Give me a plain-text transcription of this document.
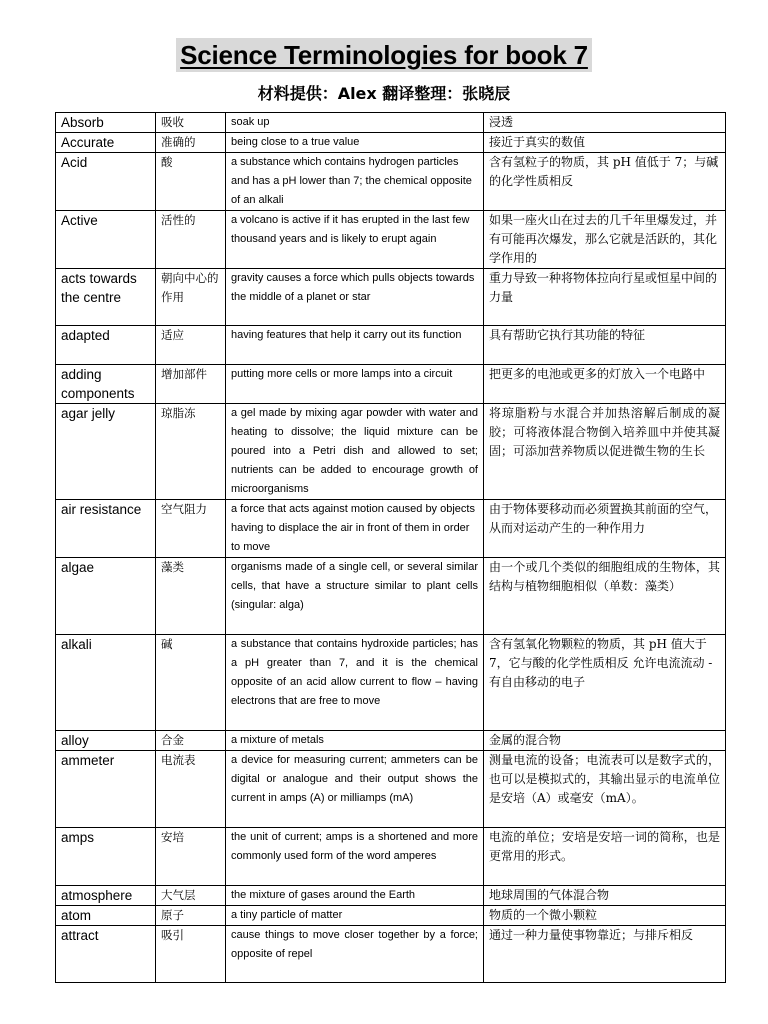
Science Terminologies for book 7
材料提供：Alex 翻译整理：张晓辰
Absorb	吸收	soak up	浸透
Accurate	准确的	being close to a true value	接近于真实的数值
Acid	酸	a substance which contains hydrogen particles and has a pH lower than 7; the chemical opposite of an alkali	含有氢粒子的物质，其 pH 值低于 7；与碱的化学性质相反
Active	活性的	a volcano is active if it has erupted in the last few thousand years and is likely to erupt again	如果一座火山在过去的几千年里爆发过，并有可能再次爆发，那么它就是活跃的，其化学作用的
acts towards the centre	朝向中心的作用	gravity causes a force which pulls objects towards the middle of a planet or star	重力导致一种将物体拉向行星或恒星中间的力量
adapted	适应	having features that help it carry out its function	具有帮助它执行其功能的特征
adding components	增加部件	putting more cells or more lamps into a circuit	把更多的电池或更多的灯放入一个电路中
agar jelly	琼脂冻	a gel made by mixing agar powder with water and heating to dissolve; the liquid mixture can be poured into a Petri dish and allowed to set; nutrients can be added to encourage growth of microorganisms	将琼脂粉与水混合并加热溶解后制成的凝胶；可将液体混合物倒入培养皿中并使其凝固；可添加营养物质以促进微生物的生长
air resistance	空气阻力	a force that acts against motion caused by objects having to displace the air in front of them in order to move	由于物体要移动而必须置换其前面的空气，从而对运动产生的一种作用力
algae	藻类	organisms made of a single cell, or several similar cells, that have a structure similar to plant cells (singular: alga)	由一个或几个类似的细胞组成的生物体，其结构与植物细胞相似（单数：藻类）
alkali	碱	a substance that contains hydroxide particles; has a pH greater than 7, and it is the chemical opposite of an acid allow current to flow – having electrons that are free to move	含有氢氧化物颗粒的物质，其 pH 值大于 7，它与酸的化学性质相反 允许电流流动 - 有自由移动的电子
alloy	合金	a mixture of metals	金属的混合物
ammeter	电流表	a device for measuring current; ammeters can be digital or analogue and their output shows the current in amps (A) or milliamps (mA)	测量电流的设备；电流表可以是数字式的，也可以是模拟式的，其输出显示的电流单位是安培（A）或毫安（mA）。
amps	安培	the unit of current; amps is a shortened and more commonly used form of the word amperes	电流的单位；安培是安培一词的简称，也是更常用的形式。
atmosphere	大气层	the mixture of gases around the Earth	地球周围的气体混合物
atom	原子	a tiny particle of matter	物质的一个微小颗粒
attract	吸引	cause things to move closer together by a force; opposite of repel	通过一种力量使事物靠近；与排斥相反
